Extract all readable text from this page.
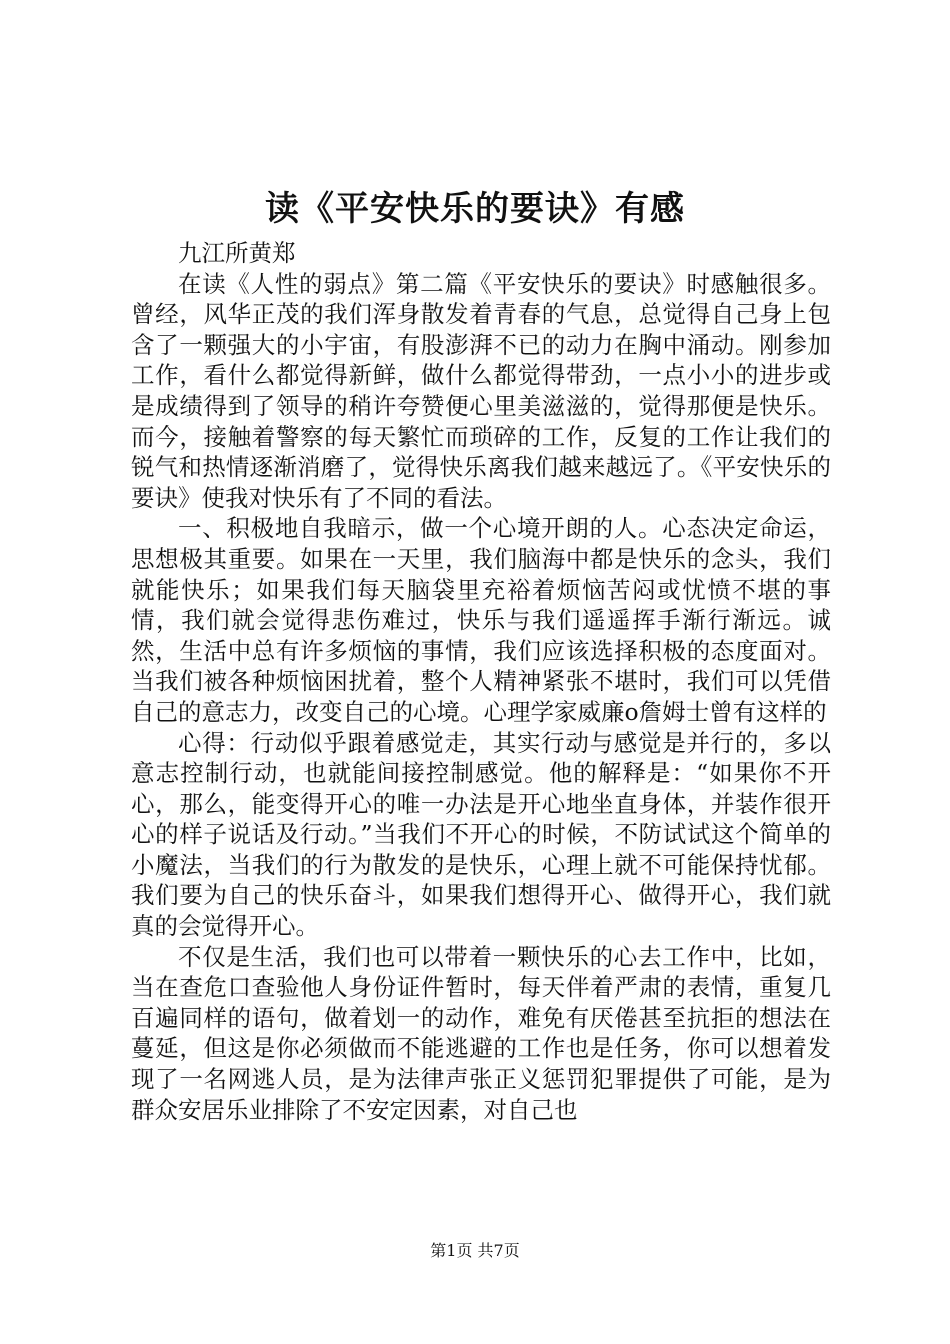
读《平安快乐的要诀》有感

九江所黄郑

在读《人性的弱点》第二篇《平安快乐的要诀》时感触很多。曾经，风华正茂的我们浑身散发着青春的气息，总觉得自己身上包含了一颗强大的小宇宙，有股澎湃不已的动力在胸中涌动。刚参加工作，看什么都觉得新鲜，做什么都觉得带劲，一点小小的进步或是成绩得到了领导的稍许夸赞便心里美滋滋的，觉得那便是快乐。而今，接触着警察的每天繁忙而琐碎的工作，反复的工作让我们的锐气和热情逐渐消磨了，觉得快乐离我们越来越远了。《平安快乐的要诀》使我对快乐有了不同的看法。

一、积极地自我暗示，做一个心境开朗的人。心态决定命运，思想极其重要。如果在一天里，我们脑海中都是快乐的念头，我们就能快乐；如果我们每天脑袋里充裕着烦恼苦闷或忧愤不堪的事情，我们就会觉得悲伤难过，快乐与我们遥遥挥手渐行渐远。诚然，生活中总有许多烦恼的事情，我们应该选择积极的态度面对。当我们被各种烦恼困扰着，整个人精神紧张不堪时，我们可以凭借自己的意志力，改变自己的心境。心理学家威廉o詹姆士曾有这样的

心得：行动似乎跟着感觉走，其实行动与感觉是并行的，多以意志控制行动，也就能间接控制感觉。他的解释是：“如果你不开心，那么，能变得开心的唯一办法是开心地坐直身体，并装作很开心的样子说话及行动。”当我们不开心的时候，不防试试这个简单的小魔法，当我们的行为散发的是快乐，心理上就不可能保持忧郁。我们要为自己的快乐奋斗，如果我们想得开心、做得开心，我们就真的会觉得开心。

不仅是生活，我们也可以带着一颗快乐的心去工作中，比如，当在查危口查验他人身份证件暂时，每天伴着严肃的表情，重复几百遍同样的语句，做着划一的动作，难免有厌倦甚至抗拒的想法在蔓延，但这是你必须做而不能逃避的工作也是任务，你可以想着发现了一名网逃人员，是为法律声张正义惩罚犯罪提供了可能，是为群众安居乐业排除了不安定因素，对自己也

第1页 共7页
